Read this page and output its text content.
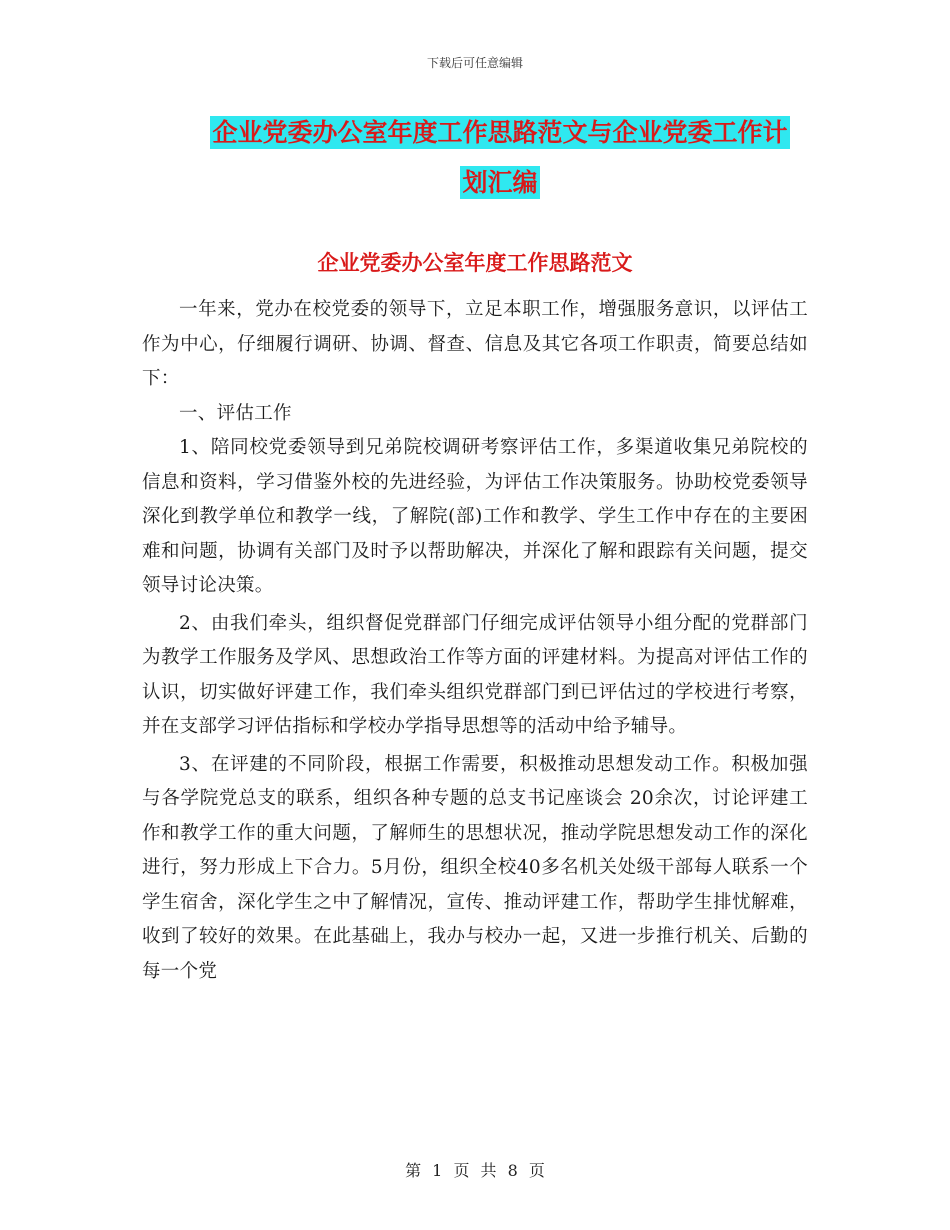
下载后可任意编辑
企业党委办公室年度工作思路范文与企业党委工作计
划汇编
企业党委办公室年度工作思路范文

一年来，党办在校党委的领导下，立足本职工作，增强服务意识，以评估工作为中心，仔细履行调研、协调、督查、信息及其它各项工作职责，简要总结如下：

一、评估工作

1、陪同校党委领导到兄弟院校调研考察评估工作，多渠道收集兄弟院校的信息和资料，学习借鉴外校的先进经验，为评估工作决策服务。协助校党委领导深化到教学单位和教学一线，了解院(部)工作和教学、学生工作中存在的主要困难和问题，协调有关部门及时予以帮助解决，并深化了解和跟踪有关问题，提交领导讨论决策。

2、由我们牵头，组织督促党群部门仔细完成评估领导小组分配的党群部门为教学工作服务及学风、思想政治工作等方面的评建材料。为提高对评估工作的认识，切实做好评建工作，我们牵头组织党群部门到已评估过的学校进行考察，并在支部学习评估指标和学校办学指导思想等的活动中给予辅导。

3、在评建的不同阶段，根据工作需要，积极推动思想发动工作。积极加强与各学院党总支的联系，组织各种专题的总支书记座谈会 20余次，讨论评建工作和教学工作的重大问题，了解师生的思想状况，推动学院思想发动工作的深化进行，努力形成上下合力。5月份，组织全校40多名机关处级干部每人联系一个学生宿舍，深化学生之中了解情况，宣传、推动评建工作，帮助学生排忧解难，收到了较好的效果。在此基础上，我办与校办一起，又进一步推行机关、后勤的每一个党

第 1 页 共 8 页
